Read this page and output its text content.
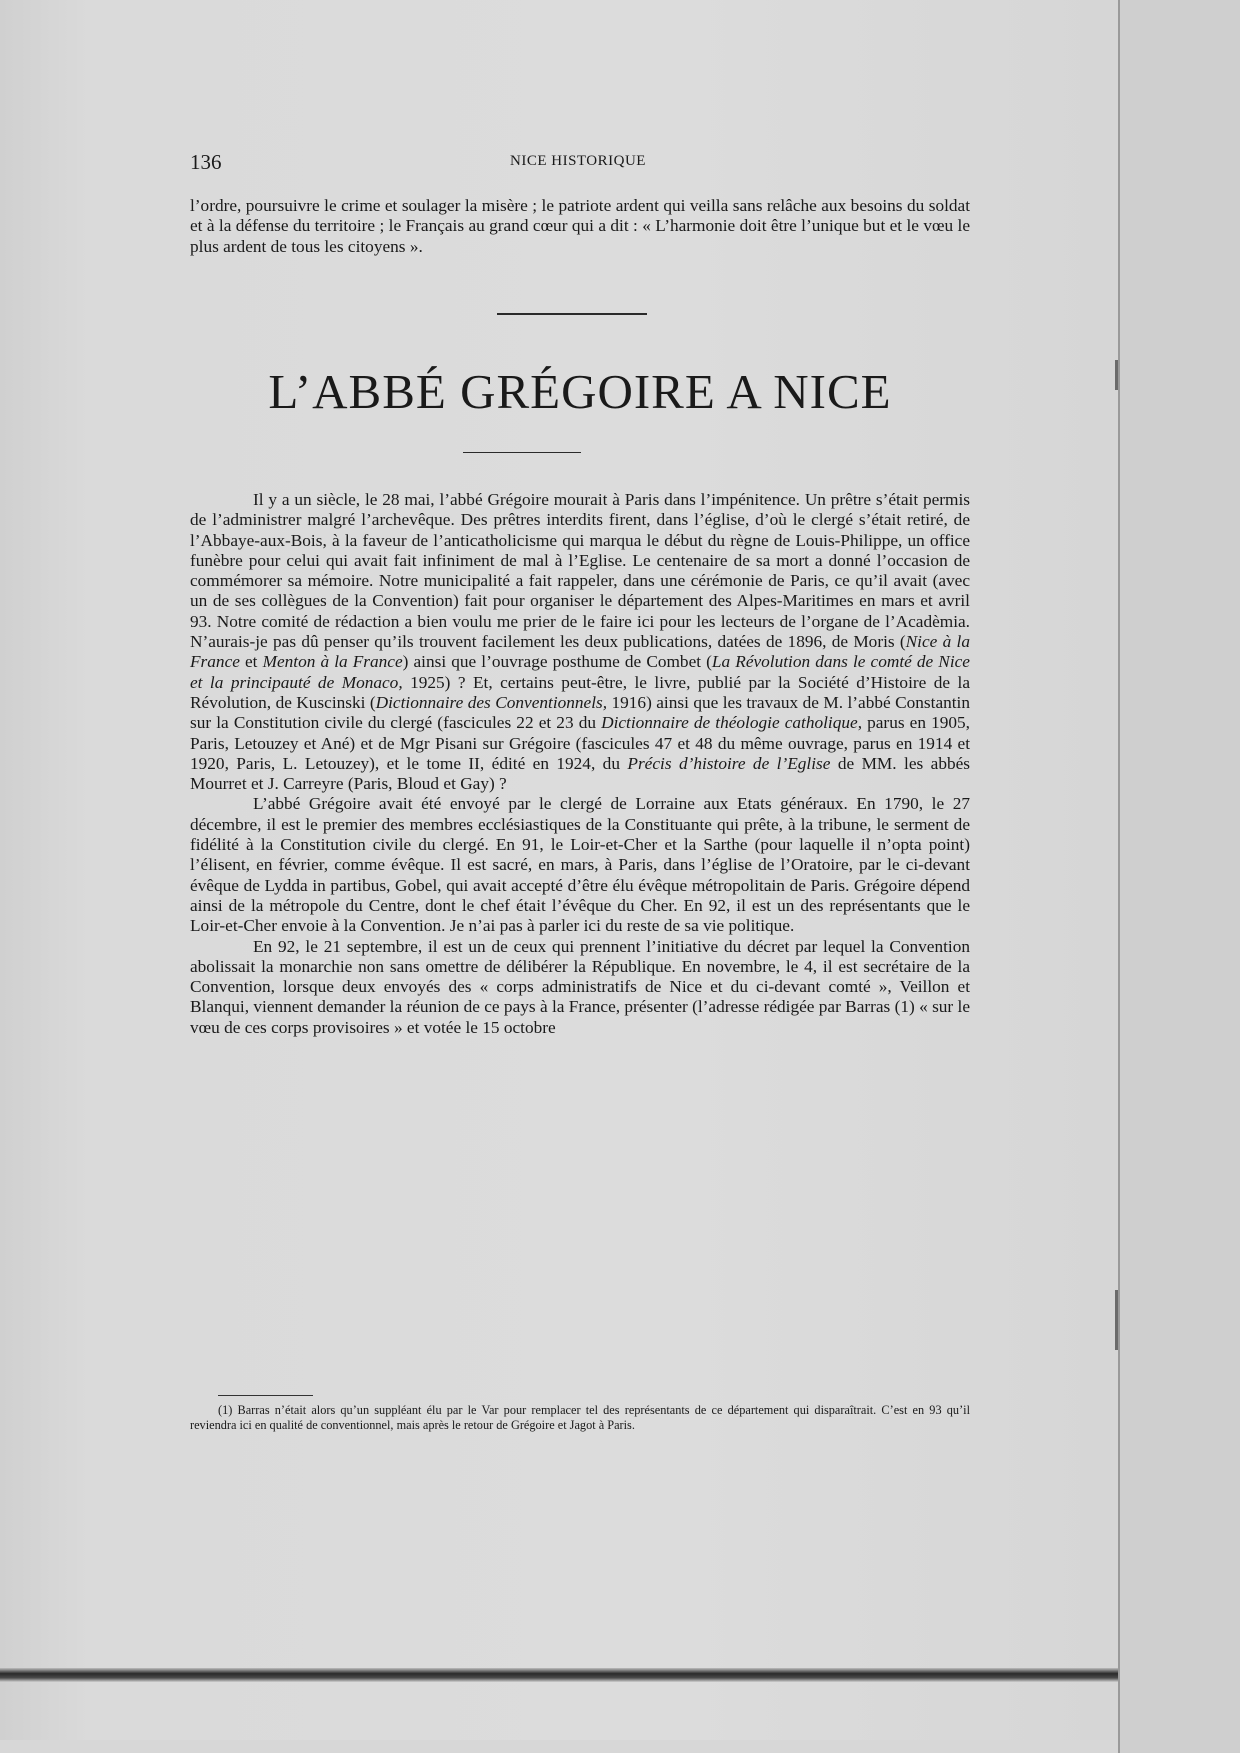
136	NICE HISTORIQUE

l’ordre, poursuivre le crime et soulager la misère ; le patriote ardent qui veilla sans relâche aux besoins du soldat et à la défense du territoire ; le Français au grand cœur qui a dit : « L’harmonie doit être l’unique but et le vœu le plus ardent de tous les citoyens ».

L’ABBÉ GRÉGOIRE A NICE

Il y a un siècle, le 28 mai, l’abbé Grégoire mourait à Paris dans l’impénitence. Un prêtre s’était permis de l’administrer malgré l’archevêque. Des prêtres interdits firent, dans l’église, d’où le clergé s’était retiré, de l’Abbaye-aux-Bois, à la faveur de l’anticatholicisme qui marqua le début du règne de Louis-Philippe, un office funèbre pour celui qui avait fait infiniment de mal à l’Eglise. Le centenaire de sa mort a donné l’occasion de commémorer sa mémoire. Notre municipalité a fait rappeler, dans une cérémonie de Paris, ce qu’il avait (avec un de ses collègues de la Convention) fait pour organiser le département des Alpes-Maritimes en mars et avril 93. Notre comité de rédaction a bien voulu me prier de le faire ici pour les lecteurs de l’organe de l’Acadèmia. N’aurais-je pas dû penser qu’ils trouvent facilement les deux publications, datées de 1896, de Moris (Nice à la France et Menton à la France) ainsi que l’ouvrage posthume de Combet (La Révolution dans le comté de Nice et la principauté de Monaco, 1925) ? Et, certains peut-être, le livre, publié par la Société d’Histoire de la Révolution, de Kuscinski (Dictionnaire des Conventionnels, 1916) ainsi que les travaux de M. l’abbé Constantin sur la Constitution civile du clergé (fascicules 22 et 23 du Dictionnaire de théologie catholique, parus en 1905, Paris, Letouzey et Ané) et de Mgr Pisani sur Grégoire (fascicules 47 et 48 du même ouvrage, parus en 1914 et 1920, Paris, L. Letouzey), et le tome II, édité en 1924, du Précis d’histoire de l’Eglise de MM. les abbés Mourret et J. Carreyre (Paris, Bloud et Gay) ?

L’abbé Grégoire avait été envoyé par le clergé de Lorraine aux Etats généraux. En 1790, le 27 décembre, il est le premier des membres ecclésiastiques de la Constituante qui prête, à la tribune, le serment de fidélité à la Constitution civile du clergé. En 91, le Loir-et-Cher et la Sarthe (pour laquelle il n’opta point) l’élisent, en février, comme évêque. Il est sacré, en mars, à Paris, dans l’église de l’Oratoire, par le ci-devant évêque de Lydda in partibus, Gobel, qui avait accepté d’être élu évêque métropolitain de Paris. Grégoire dépend ainsi de la métropole du Centre, dont le chef était l’évêque du Cher. En 92, il est un des représentants que le Loir-et-Cher envoie à la Convention. Je n’ai pas à parler ici du reste de sa vie politique.

En 92, le 21 septembre, il est un de ceux qui prennent l’initiative du décret par lequel la Convention abolissait la monarchie non sans omettre de délibérer la République. En novembre, le 4, il est secrétaire de la Convention, lorsque deux envoyés des « corps administratifs de Nice et du ci-devant comté », Veillon et Blanqui, viennent demander la réunion de ce pays à la France, présenter (l’adresse rédigée par Barras (1) « sur le vœu de ces corps provisoires » et votée le 15 octobre

(1) Barras n’était alors qu’un suppléant élu par le Var pour remplacer tel des représentants de ce département qui disparaîtrait. C’est en 93 qu’il reviendra ici en qualité de conventionnel, mais après le retour de Grégoire et Jagot à Paris.
